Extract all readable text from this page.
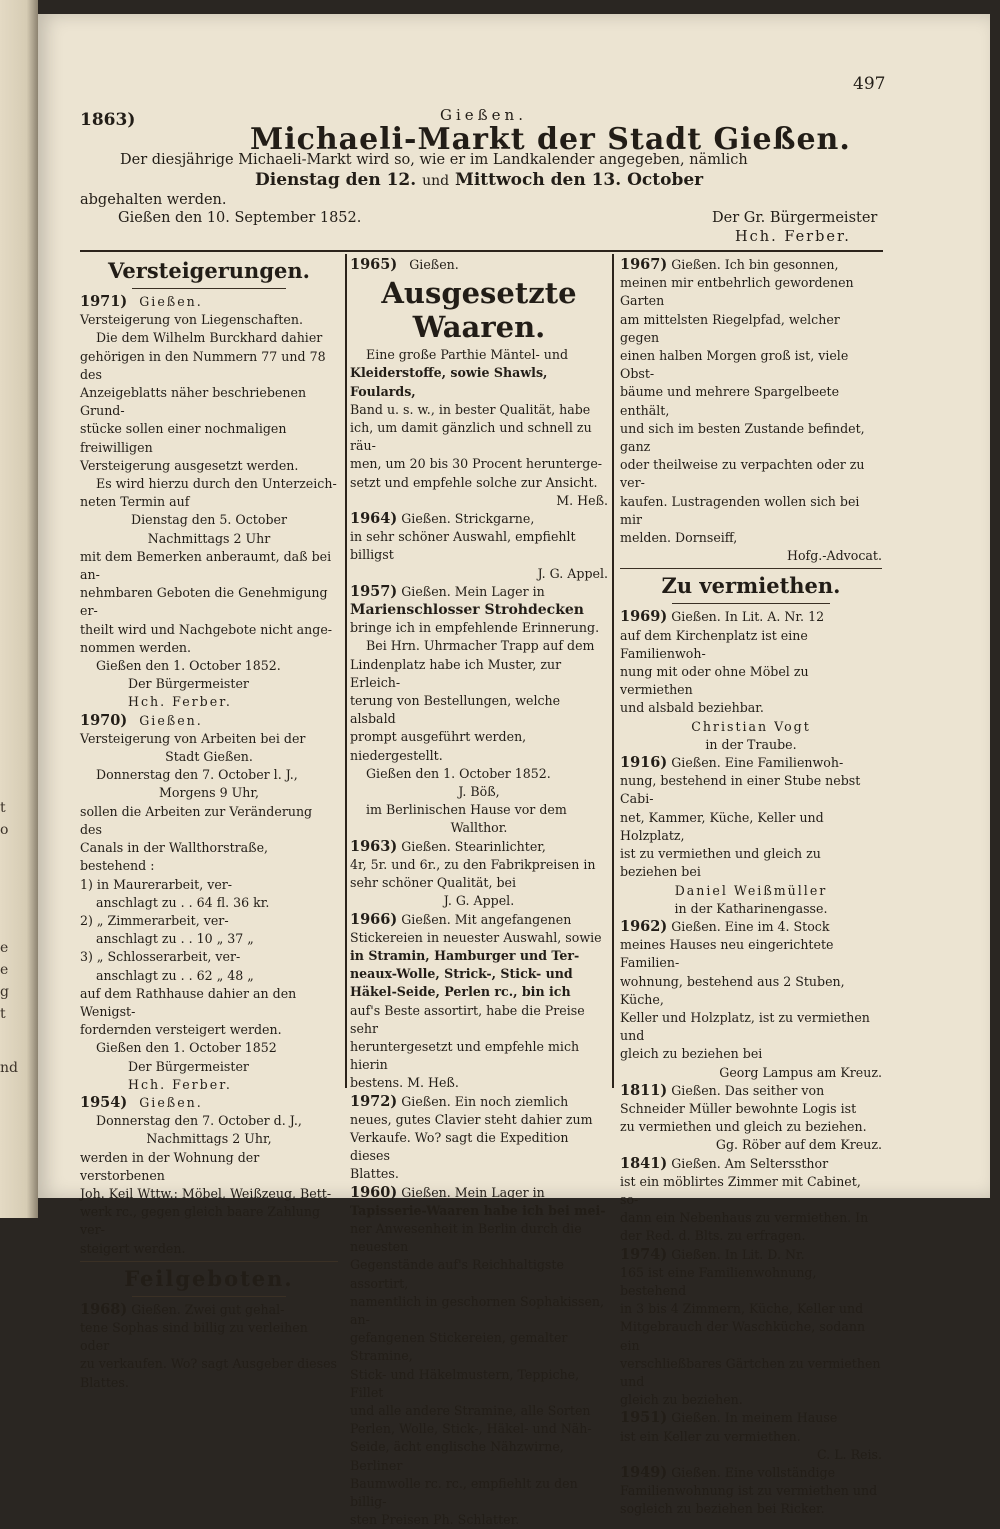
t
o
e
e
g
t
nd
497
1863)	Gießen.
Michaeli-Markt der Stadt Gießen.
Der diesjährige Michaeli-Markt wird so, wie er im Landkalender angegeben, nämlich
Dienstag den 12. und Mittwoch den 13. October
abgehalten werden.
Gießen den 10. September 1852.	Der Gr. Bürgermeister
Hch. Ferber.
Versteigerungen.

1971) Gießen.

Versteigerung von Liegenschaften.

Die dem Wilhelm Burckhard dahier

gehörigen in den Nummern 77 und 78 des

Anzeigeblatts näher beschriebenen Grund-

stücke sollen einer nochmaligen freiwilligen

Versteigerung ausgesetzt werden.

Es wird hierzu durch den Unterzeich-

neten Termin auf

Dienstag den 5. October

Nachmittags 2 Uhr

mit dem Bemerken anberaumt, daß bei an-

nehmbaren Geboten die Genehmigung er-

theilt wird und Nachgebote nicht ange-

nommen werden.

Gießen den 1. October 1852.

Der Bürgermeister

Hch. Ferber.

1970) Gießen.

Versteigerung von Arbeiten bei der

Stadt Gießen.

Donnerstag den 7. October l. J.,

Morgens 9 Uhr,

sollen die Arbeiten zur Veränderung des

Canals in der Wallthorstraße, bestehend :

1) in Maurerarbeit, ver-

anschlagt zu . . 64 fl. 36 kr.

2) „ Zimmerarbeit, ver-

anschlagt zu . . 10 „ 37 „

3) „ Schlosserarbeit, ver-

anschlagt zu . . 62 „ 48 „

auf dem Rathhause dahier an den Wenigst-

fordernden versteigert werden.

Gießen den 1. October 1852

Der Bürgermeister

Hch. Ferber.

1954) Gießen.

Donnerstag den 7. October d. J.,

Nachmittags 2 Uhr,

werden in der Wohnung der verstorbenen

Joh. Keil Wttw.: Möbel, Weißzeug, Bett-

werk rc., gegen gleich baare Zahlung ver-

steigert werden.

Feilgeboten.

1968) Gießen. Zwei gut gehal-

tene Sophas sind billig zu verleihen oder

zu verkaufen. Wo? sagt Ausgeber dieses

Blattes.

1965) Gießen.

Ausgesetzte Waaren.

Eine große Parthie Mäntel- und

Kleiderstoffe, sowie Shawls, Foulards,

Band u. s. w., in bester Qualität, habe

ich, um damit gänzlich und schnell zu räu-

men, um 20 bis 30 Procent herunterge-

setzt und empfehle solche zur Ansicht.

M. Heß.

1964) Gießen. Strickgarne,

in sehr schöner Auswahl, empfiehlt billigst

J. G. Appel.

1957) Gießen. Mein Lager in

Marienschlosser Strohdecken

bringe ich in empfehlende Erinnerung.

Bei Hrn. Uhrmacher Trapp auf dem

Lindenplatz habe ich Muster, zur Erleich-

terung von Bestellungen, welche alsbald

prompt ausgeführt werden, niedergestellt.

Gießen den 1. October 1852.

J. Böß,

im Berlinischen Hause vor dem

Wallthor.

1963) Gießen. Stearinlichter,

4r, 5r. und 6r., zu den Fabrikpreisen in

sehr schöner Qualität, bei

J. G. Appel.

1966) Gießen. Mit angefangenen

Stickereien in neuester Auswahl, sowie

in Stramin, Hamburger und Ter-

neaux-Wolle, Strick-, Stick- und

Häkel-Seide, Perlen rc., bin ich

auf's Beste assortirt, habe die Preise sehr

heruntergesetzt und empfehle mich hierin

bestens. M. Heß.

1972) Gießen. Ein noch ziemlich

neues, gutes Clavier steht dahier zum

Verkaufe. Wo? sagt die Expedition dieses

Blattes.

1960) Gießen. Mein Lager in

Tapisserie-Waaren habe ich bei mei-

ner Anwesenheit in Berlin durch die neuesten

Gegenstände auf's Reichhaltigste assortirt,

namentlich in geschornen Sophakissen, an-

gefangenen Stickereien, gemalter Stramine,

Stick- und Häkelmustern, Teppiche, Fillet

und alle andere Stramine, alle Sorten

Perlen, Wolle, Stick-, Häkel- und Näh-

Seide, ächt englische Nähzwirne, Berliner

Baumwolle rc. rc., empfiehlt zu den billig-

sten Preisen Ph. Schlatter.

1967) Gießen. Ich bin gesonnen,

meinen mir entbehrlich gewordenen Garten

am mittelsten Riegelpfad, welcher gegen

einen halben Morgen groß ist, viele Obst-

bäume und mehrere Spargelbeete enthält,

und sich im besten Zustande befindet, ganz

oder theilweise zu verpachten oder zu ver-

kaufen. Lustragenden wollen sich bei mir

melden. Dornseiff,

Hofg.-Advocat.

Zu vermiethen.

1969) Gießen. In Lit. A. Nr. 12

auf dem Kirchenplatz ist eine Familienwoh-

nung mit oder ohne Möbel zu vermiethen

und alsbald beziehbar.

Christian Vogt

in der Traube.

1916) Gießen. Eine Familienwoh-

nung, bestehend in einer Stube nebst Cabi-

net, Kammer, Küche, Keller und Holzplatz,

ist zu vermiethen und gleich zu beziehen bei

Daniel Weißmüller

in der Katharinengasse.

1962) Gießen. Eine im 4. Stock

meines Hauses neu eingerichtete Familien-

wohnung, bestehend aus 2 Stuben, Küche,

Keller und Holzplatz, ist zu vermiethen und

gleich zu beziehen bei

Georg Lampus am Kreuz.

1811) Gießen. Das seither von

Schneider Müller bewohnte Logis ist

zu vermiethen und gleich zu beziehen.

Gg. Röber auf dem Kreuz.

1841) Gießen. Am Selterssthor

ist ein möblirtes Zimmer mit Cabinet, so-

dann ein Nebenhaus zu vermiethen. In

der Red. d. Blts. zu erfragen.

1974) Gießen. In Lit. D. Nr.

165 ist eine Familienwohnung, bestehend

in 3 bis 4 Zimmern, Küche, Keller und

Mitgebrauch der Waschküche, sodann ein

verschließbares Gärtchen zu vermiethen und

gleich zu beziehen.

1951) Gießen. In meinem Hause

ist ein Keller zu vermiethen.

C. L. Reis.

1949) Gießen. Eine vollständige

Familienwohnung ist zu vermiethen und

sogleich zu beziehen bei Ricker.
